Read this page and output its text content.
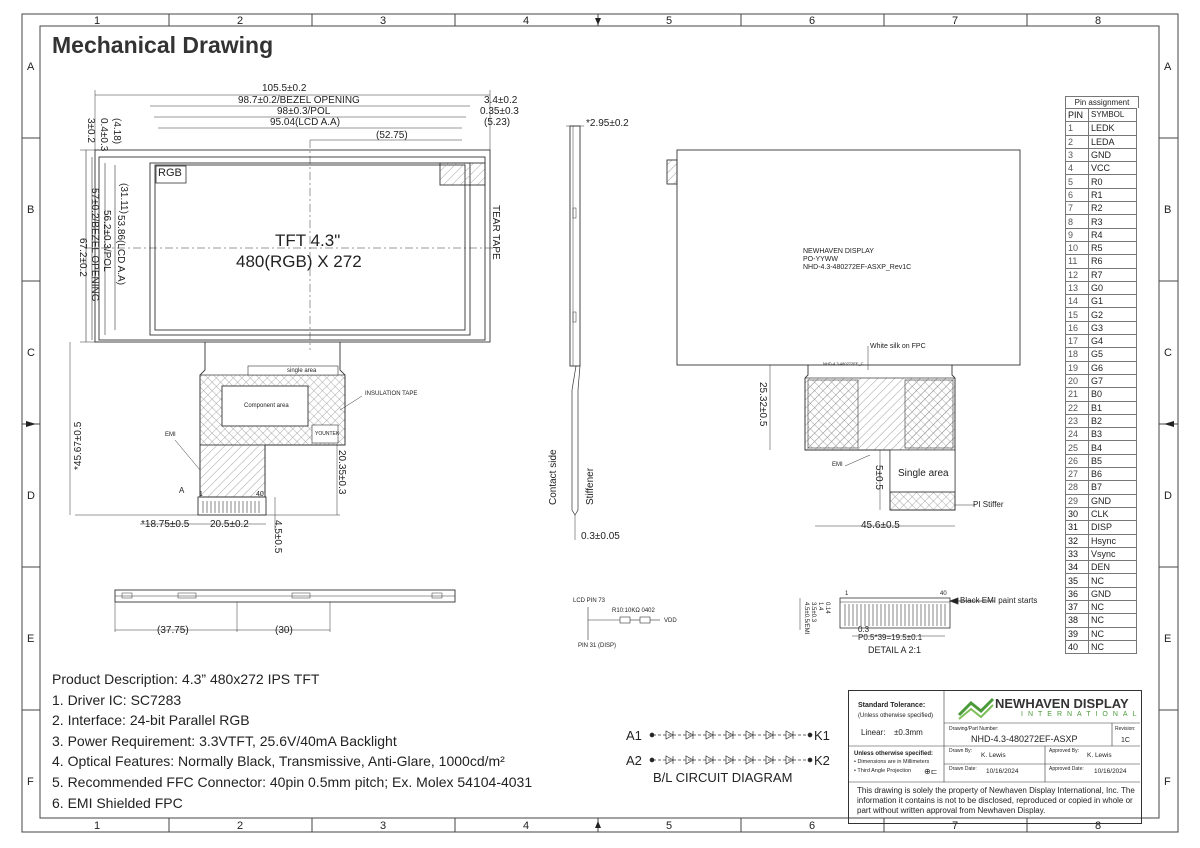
1
1
2
2
3
3
4
4
5
5
6
6
7
7
8
8
A	A
B	B
C	C
D	D
E	E
F	F
Mechanical Drawing
105.5±0.2
98.7±0.2/BEZEL OPENING
98±0.3/POL
95.04(LCD A.A)
(52.75)
3.4±0.2
0.35±0.3
(5.23)
3±0.2 0.4±0.3 (4.18)
(31.11)
53.86(LCD A.A)
56.2±0.3/POL
57±0.2/BEZEL OPENING
67.2±0.2
RGB
TFT 4.3"
480(RGB) X 272
TEAR TAPE
single area
Component area
INSULATION TAPE
YOUNTEK
EMI
A 1	40
*45.67±0.5
20.35±0.3
*18.75±0.5 20.5±0.2 4.5±0.5
*2.95±0.2
Contact side	Stiffener
0.3±0.05
NEWHAVEN DISPLAY
PO-YYWW
NHD-4.3-480272EF-ASXP_Rev1C
White silk on FPC
NHD-4.3-480272EF_C
25.32±0.5
5±0.5 Single area
EMI
PI Stiffer
45.6±0.5
(37.75)	(30)
LCD PIN 73
R10:10KΩ 0402
VDD
PIN 31 (DISP)
1	40
Black EMI paint starts
0.3
P0.5*39=19.5±0.1
0.14
1.4
3.5±0.3
4.5±0.5/EMI
DETAIL A 2:1
A1
A2
K1
K2
B/L CIRCUIT DIAGRAM
Product Description: 4.3” 480x272 IPS TFT
1. Driver IC: SC7283
2. Interface: 24-bit Parallel RGB
3. Power Requirement: 3.3VTFT, 25.6V/40mA Backlight
4. Optical Features: Normally Black, Transmissive, Anti-Glare, 1000cd/m²
5. Recommended FFC Connector: 40pin 0.5mm pitch; Ex. Molex 54104-4031
6. EMI Shielded FPC
Pin assignment
PIN	SYMBOL
1	LEDK
2	LEDA
3	GND
4	VCC
5	R0
6	R1
7	R2
8	R3
9	R4
10	R5
11	R6
12	R7
13	G0
14	G1
15	G2
16	G3
17	G4
18	G5
19	G6
20	G7
21	B0
22	B1
23	B2
24	B3
25	B4
26	B5
27	B6
28	B7
29	GND
30	CLK
31	DISP
32	Hsync
33	Vsync
34	DEN
35	NC
36	GND
37	NC
38	NC
39	NC
40	NC
Standard Tolerance:
(Unless otherwise specified)
Linear: ±0.3mm
Unless otherwise specified:
• Dimensions are in Millimeters
• Third Angle Projection ⊕⊏
NEWHAVEN DISPLAY
INTERNATIONAL
Drawing/Part Number:
NHD-4.3-480272EF-ASXP
Revision:
1C
Drawn By:
K. Lewis
Approved By:
K. Lewis
Drawn Date: 10/16/2024	Approved Date: 10/16/2024
This drawing is solely the property of Newhaven Display International, Inc. The information it contains is not to be disclosed, reproduced or copied in whole or part without written approval from Newhaven Display.
